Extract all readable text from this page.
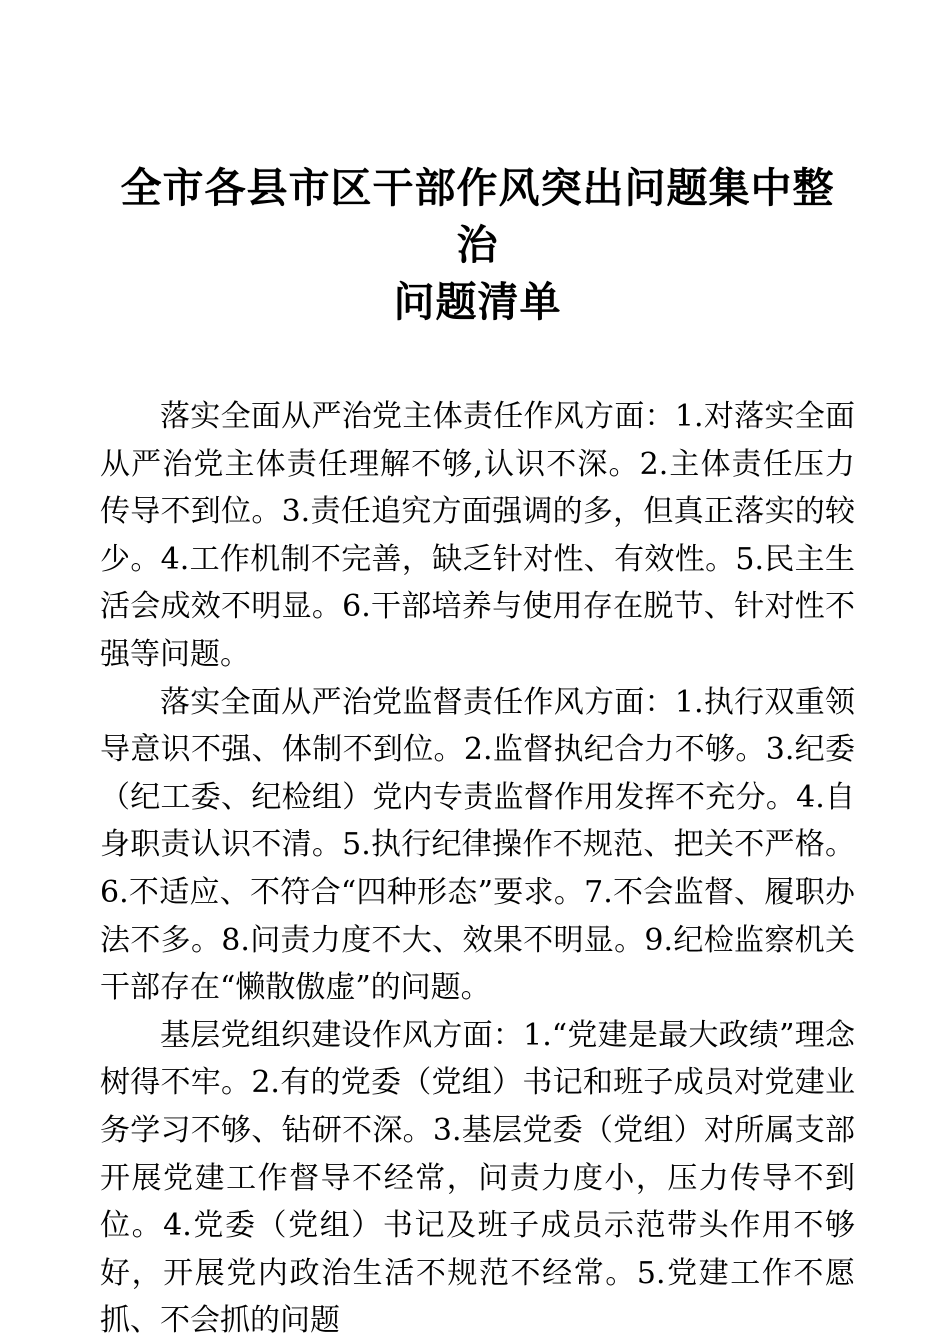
全市各县市区干部作风突出问题集中整治
问题清单

落实全面从严治党主体责任作风方面：1.对落实全面从严治党主体责任理解不够,认识不深。2.主体责任压力传导不到位。3.责任追究方面强调的多，但真正落实的较少。4.工作机制不完善，缺乏针对性、有效性。5.民主生活会成效不明显。6.干部培养与使用存在脱节、针对性不强等问题。

落实全面从严治党监督责任作风方面：1.执行双重领导意识不强、体制不到位。2.监督执纪合力不够。3.纪委（纪工委、纪检组）党内专责监督作用发挥不充分。4.自身职责认识不清。5.执行纪律操作不规范、把关不严格。6.不适应、不符合“四种形态”要求。7.不会监督、履职办法不多。8.问责力度不大、效果不明显。9.纪检监察机关干部存在“懒散傲虚”的问题。

基层党组织建设作风方面：1.“党建是最大政绩”理念树得不牢。2.有的党委（党组）书记和班子成员对党建业务学习不够、钻研不深。3.基层党委（党组）对所属支部开展党建工作督导不经常，问责力度小，压力传导不到位。4.党委（党组）书记及班子成员示范带头作用不够好，开展党内政治生活不规范不经常。5.党建工作不愿抓、不会抓的问题
